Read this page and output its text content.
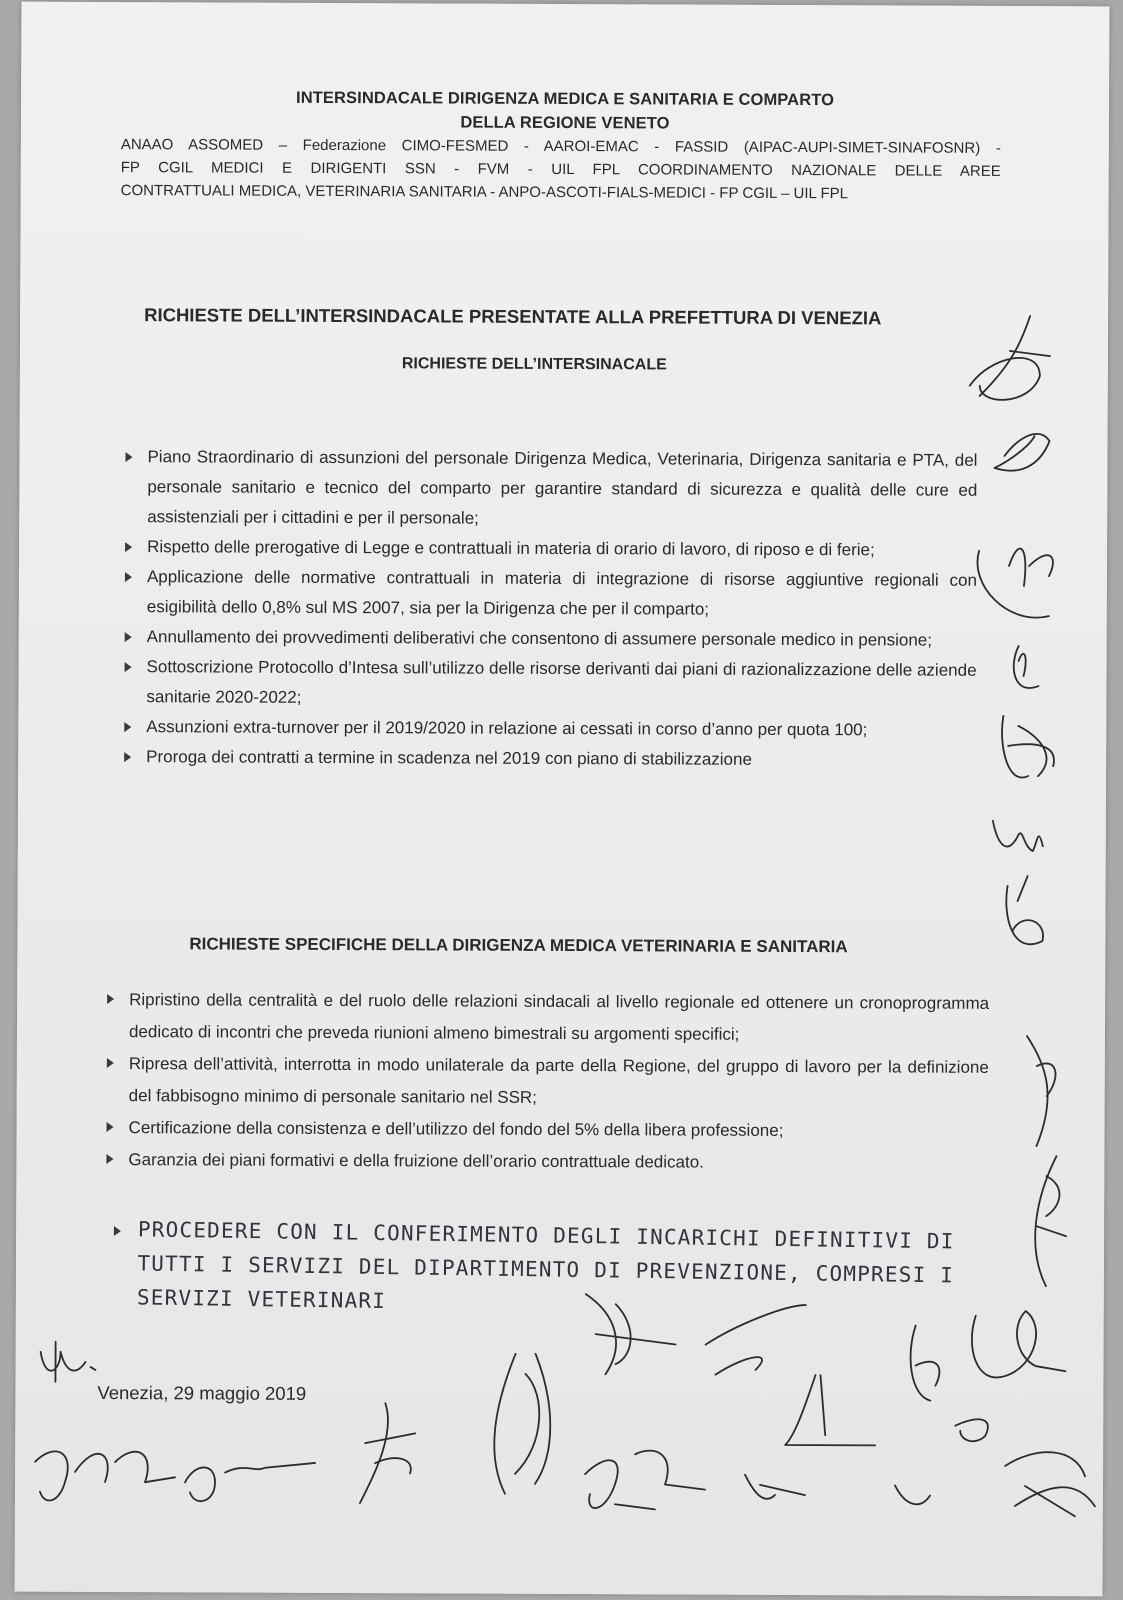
INTERSINDACALE DIRIGENZA MEDICA E SANITARIA E COMPARTO
DELLA REGIONE VENETO
ANAAO ASSOMED – Federazione CIMO-FESMED - AAROI-EMAC - FASSID (AIPAC-AUPI-SIMET-SINAFOSNR) -
FP CGIL MEDICI E DIRIGENTI SSN - FVM - UIL FPL COORDINAMENTO NAZIONALE DELLE AREE
CONTRATTUALI MEDICA, VETERINARIA SANITARIA - ANPO-ASCOTI-FIALS-MEDICI - FP CGIL – UIL FPL
RICHIESTE DELL’INTERSINDACALE PRESENTATE ALLA PREFETTURA DI VENEZIA
RICHIESTE DELL’INTERSINACALE
Piano Straordinario di assunzioni del personale Dirigenza Medica, Veterinaria, Dirigenza sanitaria e PTA, del personale sanitario e tecnico del comparto per garantire standard di sicurezza e qualità delle cure ed assistenziali per i cittadini e per il personale;
Rispetto delle prerogative di Legge e contrattuali in materia di orario di lavoro, di riposo e di ferie;
Applicazione delle normative contrattuali in materia di integrazione di risorse aggiuntive regionali con esigibilità dello 0,8% sul MS 2007, sia per la Dirigenza che per il comparto;
Annullamento dei provvedimenti deliberativi che consentono di assumere personale medico in pensione;
Sottoscrizione Protocollo d’Intesa sull’utilizzo delle risorse derivanti dai piani di razionalizzazione delle aziende sanitarie 2020-2022;
Assunzioni extra-turnover per il 2019/2020 in relazione ai cessati in corso d’anno per quota 100;
Proroga dei contratti a termine in scadenza nel 2019 con piano di stabilizzazione
RICHIESTE SPECIFICHE DELLA DIRIGENZA MEDICA VETERINARIA E SANITARIA
Ripristino della centralità e del ruolo delle relazioni sindacali al livello regionale ed ottenere un cronoprogramma dedicato di incontri che preveda riunioni almeno bimestrali su argomenti specifici;
Ripresa dell’attività, interrotta in modo unilaterale da parte della Regione, del gruppo di lavoro per la definizione del fabbisogno minimo di personale sanitario nel SSR;
Certificazione della consistenza e dell’utilizzo del fondo del 5% della libera professione;
Garanzia dei piani formativi e della fruizione dell’orario contrattuale dedicato.
PROCEDERE CON IL CONFERIMENTO DEGLI INCARICHI DEFINITIVI DI TUTTI I SERVIZI DEL DIPARTIMENTO DI PREVENZIONE, COMPRESI I SERVIZI VETERINARI
Venezia, 29 maggio 2019
